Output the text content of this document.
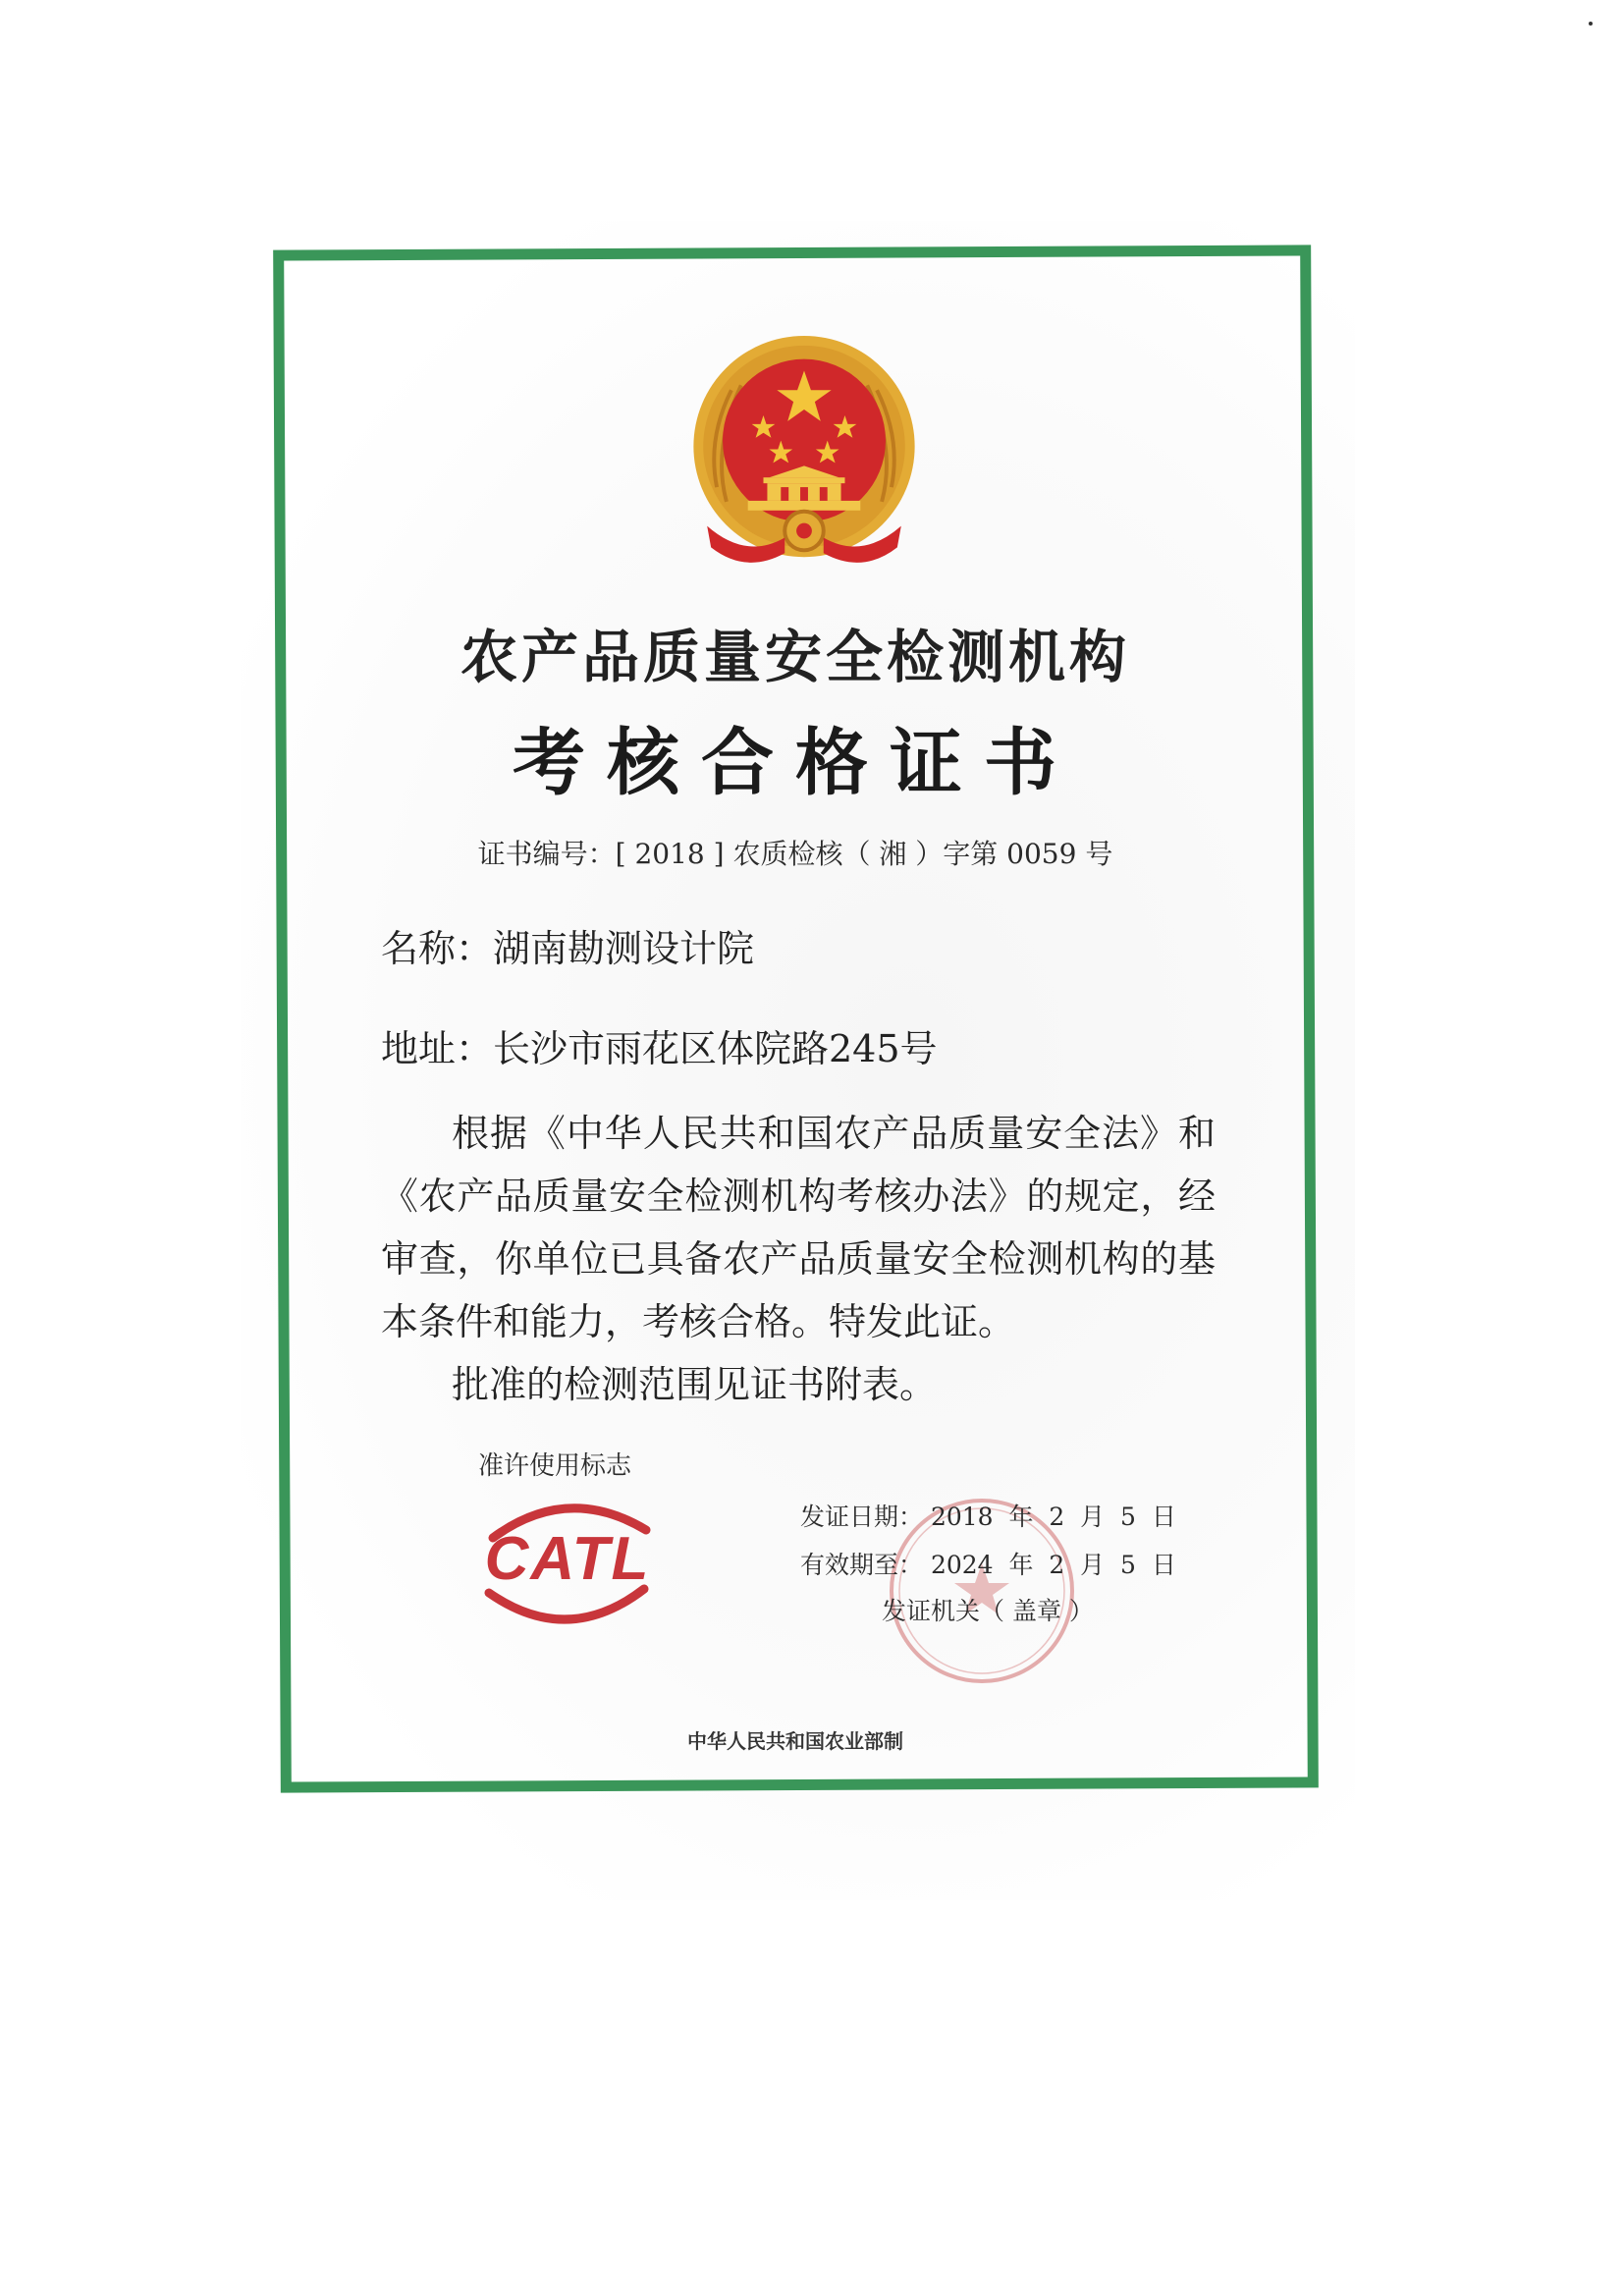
农产品质量安全检测机构
考核合格证书
证书编号：[ 2018 ] 农质检核（ 湘 ）字第 0059 号
名称：湖南勘测设计院
地址：长沙市雨花区体院路245号

根据《中华人民共和国农产品质量安全法》和《农产品质量安全检测机构考核办法》的规定，经审查，你单位已具备农产品质量安全检测机构的基本条件和能力，考核合格。特发此证。

批准的检测范围见证书附表。

准许使用标志
CATL
发证日期： 2018  年  2  月  5  日
有效期至： 2024  年  2  月  5  日
发证机关（ 盖章 ）
中华人民共和国农业部制
